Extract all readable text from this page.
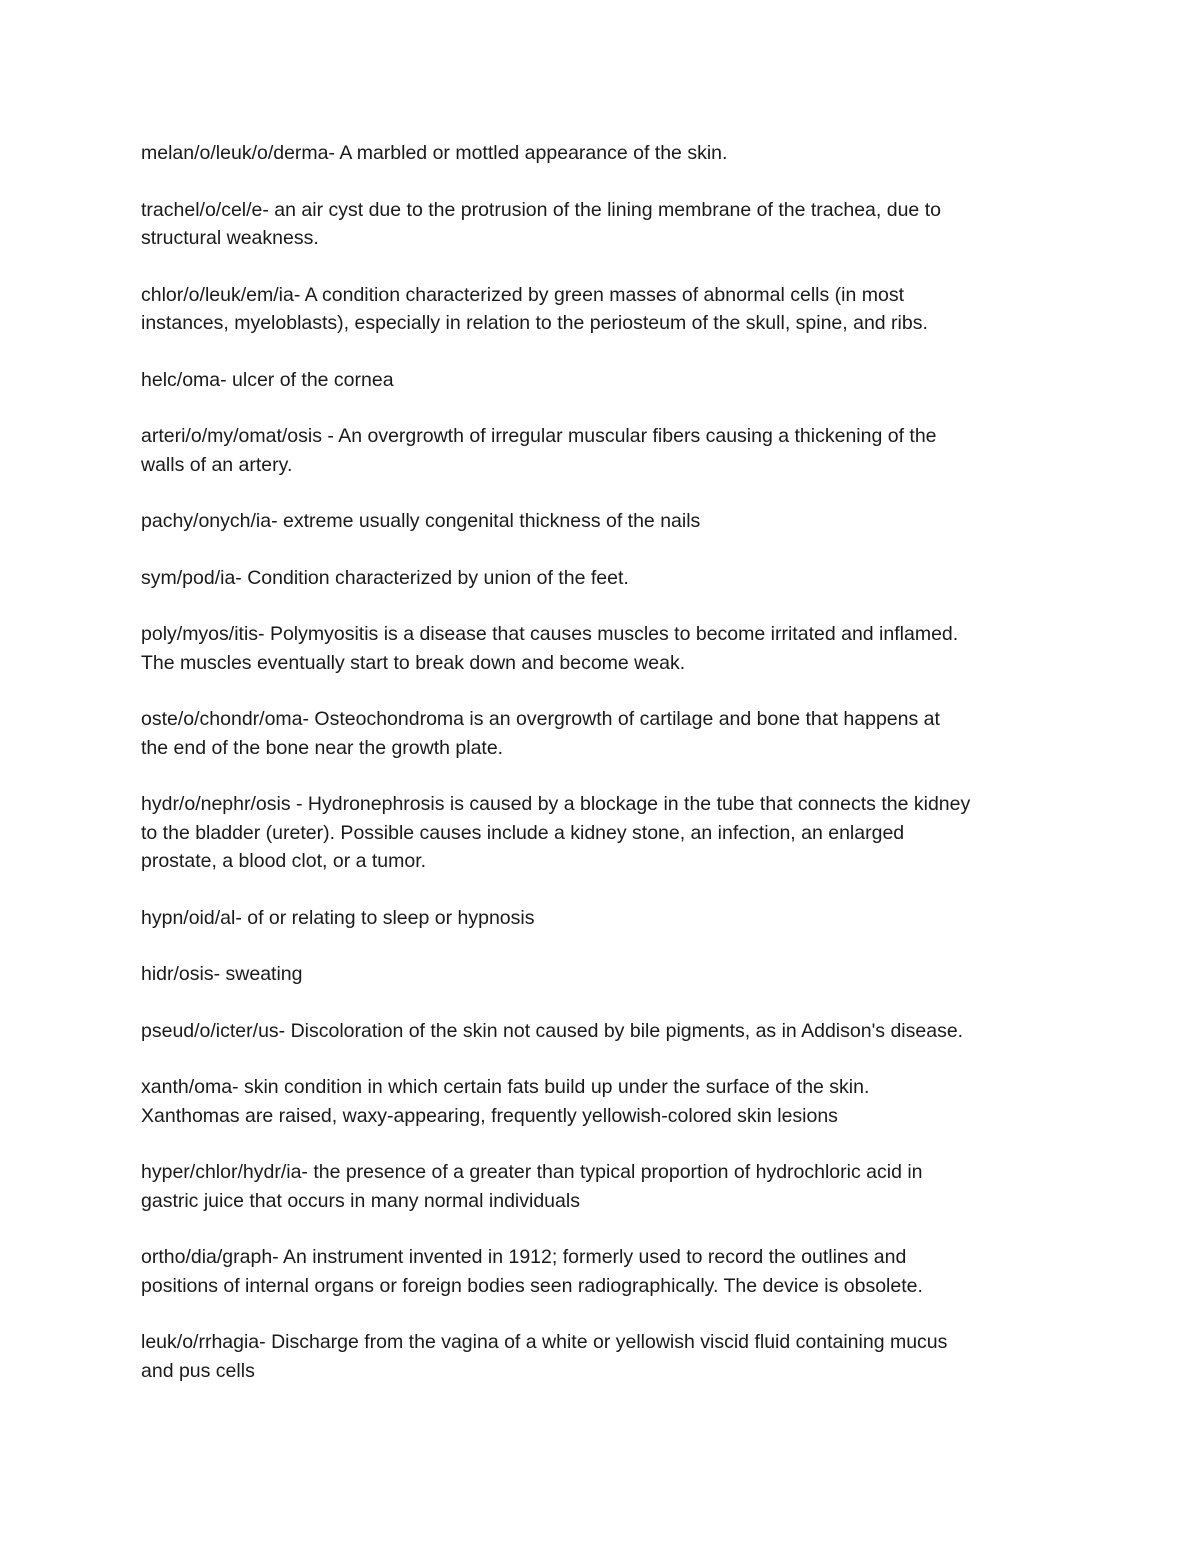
melan/o/leuk/o/derma- A marbled or mottled appearance of the skin.

trachel/o/cel/e- an air cyst due to the protrusion of the lining membrane of the trachea, due to
structural weakness.

chlor/o/leuk/em/ia- A condition characterized by green masses of abnormal cells (in most
instances, myeloblasts), especially in relation to the periosteum of the skull, spine, and ribs.

helc/oma- ulcer of the cornea

arteri/o/my/omat/osis - An overgrowth of irregular muscular fibers causing a thickening of the
walls of an artery.

pachy/onych/ia- extreme usually congenital thickness of the nails

sym/pod/ia- Condition characterized by union of the feet.

poly/myos/itis- Polymyositis is a disease that causes muscles to become irritated and inflamed.
The muscles eventually start to break down and become weak.

oste/o/chondr/oma- Osteochondroma is an overgrowth of cartilage and bone that happens at
the end of the bone near the growth plate.

hydr/o/nephr/osis - Hydronephrosis is caused by a blockage in the tube that connects the kidney
to the bladder (ureter). Possible causes include a kidney stone, an infection, an enlarged
prostate, a blood clot, or a tumor.

hypn/oid/al- of or relating to sleep or hypnosis

hidr/osis- sweating

pseud/o/icter/us- Discoloration of the skin not caused by bile pigments, as in Addison's disease.

xanth/oma- skin condition in which certain fats build up under the surface of the skin.
Xanthomas are raised, waxy-appearing, frequently yellowish-colored skin lesions

hyper/chlor/hydr/ia- the presence of a greater than typical proportion of hydrochloric acid in
gastric juice that occurs in many normal individuals

ortho/dia/graph- An instrument invented in 1912; formerly used to record the outlines and
positions of internal organs or foreign bodies seen radiographically. The device is obsolete.

leuk/o/rrhagia- Discharge from the vagina of a white or yellowish viscid fluid containing mucus
and pus cells
